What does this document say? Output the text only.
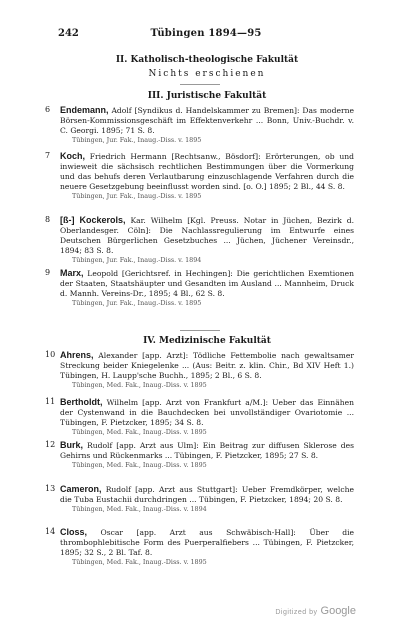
242	Tübingen 1894—95
II. Katholisch-theologische Fakultät
Nichts erschienen
III. Juristische Fakultät
6 Endemann, Adolf [Syndikus d. Handelskammer zu Bremen]: Das moderne Börsen-Kommissionsgeschäft im Effektenverkehr ... Bonn, Univ.-Buchdr. v. C. Georgi. 1895; 71 S. 8.
Tübingen, Jur. Fak., Inaug.-Diss. v. 1895
7 Koch, Friedrich Hermann [Rechtsanw., Bösdorf]: Erörterungen, ob und inwieweit die sächsisch rechtlichen Bestimmungen über die Vormerkung und das behufs deren Verlautbarung einzuschlagende Verfahren durch die neuere Gesetzgebung beeinflusst worden sind. [o. O.] 1895; 2 Bl., 44 S. 8.
Tübingen, Jur. Fak., Inaug.-Diss. v. 1895
8 [ß-] Kockerols, Kar. Wilhelm [Kgl. Preuss. Notar in Jüchen, Bezirk d. Oberlandesger. Cöln]: Die Nachlassregulierung im Entwurfe eines Deutschen Bürgerlichen Gesetzbuches ... Jüchen, Jüchener Vereinsdr., 1894; 83 S. 8.
Tübingen, Jur. Fak., Inaug.-Diss. v. 1894
9 Marx, Leopold [Gerichtsref. in Hechingen]: Die gerichtlichen Exemtionen der Staaten, Staatshäupter und Gesandten im Ausland ... Mannheim, Druck d. Mannh. Vereins-Dr., 1895; 4 Bl., 62 S. 8.
Tübingen, Jur. Fak., Inaug.-Diss. v. 1895
IV. Medizinische Fakultät
10 Ahrens, Alexander [app. Arzt]: Tödliche Fettembolie nach gewaltsamer Streckung beider Kniegelenke ... (Aus: Beitr. z. klin. Chir., Bd XIV Heft 1.) Tübingen, H. Laupp'sche Buchh., 1895; 2 Bl., 6 S. 8.
Tübingen, Med. Fak., Inaug.-Diss. v. 1895
11 Bertholdt, Wilhelm [app. Arzt von Frankfurt a/M.]: Ueber das Einnähen der Cystenwand in die Bauchdecken bei unvollständiger Ovariotomie ... Tübingen, F. Pietzcker, 1895; 34 S. 8.
Tübingen, Med. Fak., Inaug.-Diss. v. 1895
12 Burk, Rudolf [app. Arzt aus Ulm]: Ein Beitrag zur diffusen Sklerose des Gehirns und Rückenmarks ... Tübingen, F. Pietzcker, 1895; 27 S. 8.
Tübingen, Med. Fak., Inaug.-Diss. v. 1895
13 Cameron, Rudolf [app. Arzt aus Stuttgart]: Ueber Fremdkörper, welche die Tuba Eustachii durchdringen ... Tübingen, F. Pietzcker, 1894; 20 S. 8.
Tübingen, Med. Fak., Inaug.-Diss. v. 1894
14 Closs, Oscar [app. Arzt aus Schwäbisch-Hall]: Über die thrombophlebitische Form des Puerperalfiebers ... Tübingen, F. Pietzcker, 1895; 32 S., 2 Bl. Taf. 8.
Tübingen, Med. Fak., Inaug.-Diss. v. 1895
Digitized by Google
